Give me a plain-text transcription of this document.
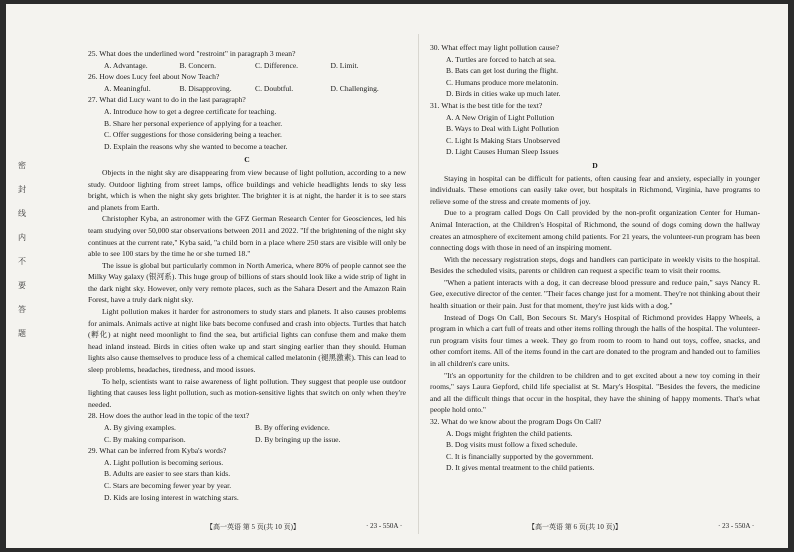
密
封
线
内
不
要
答
题

25. What does the underlined word "restroint" in paragraph 3 mean?

A. Advantage.	B. Concern.	C. Difference.	D. Limit.

26. How does Lucy feel about Now Teach?

A. Meaningful.	B. Disapproving.	C. Doubtful.	D. Challenging.

27. What did Lucy want to do in the last paragraph?

A. Introduce how to get a degree certificate for teaching.

B. Share her personal experience of applying for a teacher.

C. Offer suggestions for those considering being a teacher.

D. Explain the reasons why she wanted to become a teacher.

C

Objects in the night sky are disappearing from view because of light pollution, according to a new study. Outdoor lighting from street lamps, office buildings and vehicle headlights lends to sky less bright, which is when the night sky gets brighter. The brighter it is at night, the harder it is to see stars and planets from Earth.

Christopher Kyba, an astronomer with the GFZ German Research Center for Geosciences, led his team studying over 50,000 star observations between 2011 and 2022. "If the brightening of the night sky continues at the current rate," Kyba said, "a child born in a place where 250 stars are visible will only be able to see 100 stars by the time he or she turned 18."

The issue is global but particularly common in North America, where 80% of people cannot see the Milky Way galaxy (银河系). This huge group of billions of stars should look like a wide strip of light in the dark night sky. However, only very remote places, such as the Sahara Desert and the Amazon Rain Forest, have a truly dark night sky.

Light pollution makes it harder for astronomers to study stars and planets. It also causes problems for animals. Animals active at night like bats become confused and crash into objects. Turtles that hatch (孵化) at night need moonlight to find the sea, but artificial lights can confuse them and make them head inland instead. Birds in cities often wake up and start singing earlier than they should. Human lights also cause themselves to produce less of a chemical called melatonin (褪黑激素). This can lead to sleep problems, headaches, tiredness, and mood issues.

To help, scientists want to raise awareness of light pollution. They suggest that people use outdoor lighting that causes less light pollution, such as motion-sensitive lights that switch on only when they're needed.

28. How does the author lead in the topic of the text?

A. By giving examples.	B. By offering evidence.
C. By making comparison.	D. By bringing up the issue.

29. What can be inferred from Kyba's words?

A. Light pollution is becoming serious.

B. Adults are easier to see stars than kids.

C. Stars are becoming fewer year by year.

D. Kids are losing interest in watching stars.

【高一英语 第 5 页(共 10 页)】	· 23 - 550A ·

30. What effect may light pollution cause?

A. Turtles are forced to hatch at sea.

B. Bats can get lost during the flight.

C. Humans produce more melatonin.

D. Birds in cities wake up much later.

31. What is the best title for the text?

A. A New Origin of Light Pollution

B. Ways to Deal with Light Pollution

C. Light Is Making Stars Unobserved

D. Light Causes Human Sleep Issues

D

Staying in hospital can be difficult for patients, often causing fear and anxiety, especially in younger individuals. These emotions can easily take over, but hospitals in Richmond, Virginia, have programs to relieve some of the stress and create moments of joy.

Due to a program called Dogs On Call provided by the non-profit organization Center for Human-Animal Interaction, at the Children's Hospital of Richmond, the sound of dogs coming down the hallway creates an atmosphere of excitement among child patients. For 21 years, the volunteer-run program has been connecting dogs with those in need of an inspiring moment.

With the necessary registration steps, dogs and handlers can participate in weekly visits to the hospital. Besides the scheduled visits, parents or children can request a specific team to visit their rooms.

"When a patient interacts with a dog, it can decrease blood pressure and reduce pain," says Nancy R. Gee, executive director of the center. "Their faces change just for a moment. They're not thinking about their health situation or their pain. Just for that moment, they're just kids with a dog."

Instead of Dogs On Call, Bon Secours St. Mary's Hospital of Richmond provides Happy Wheels, a program in which a cart full of treats and other items rolling through the halls of the hospital. The volunteer-run program visits four times a week. They go from room to room to hand out toys, coffee, snacks, and other comfort items. All of the items found in the cart are donated to the program and handed out to families in all children's care units.

"It's an opportunity for the children to be children and to get excited about a new toy coming in their rooms," says Laura Gepford, child life specialist at St. Mary's Hospital. "Besides the fevers, the medicine and all the difficult things that occur in the hospital, they have the shining of happy moments. That's what people hold onto."

32. What do we know about the program Dogs On Call?

A. Dogs might frighten the child patients.

B. Dog visits must follow a fixed schedule.

C. It is financially supported by the government.

D. It gives mental treatment to the child patients.

【高一英语 第 6 页(共 10 页)】	· 23 - 550A ·
